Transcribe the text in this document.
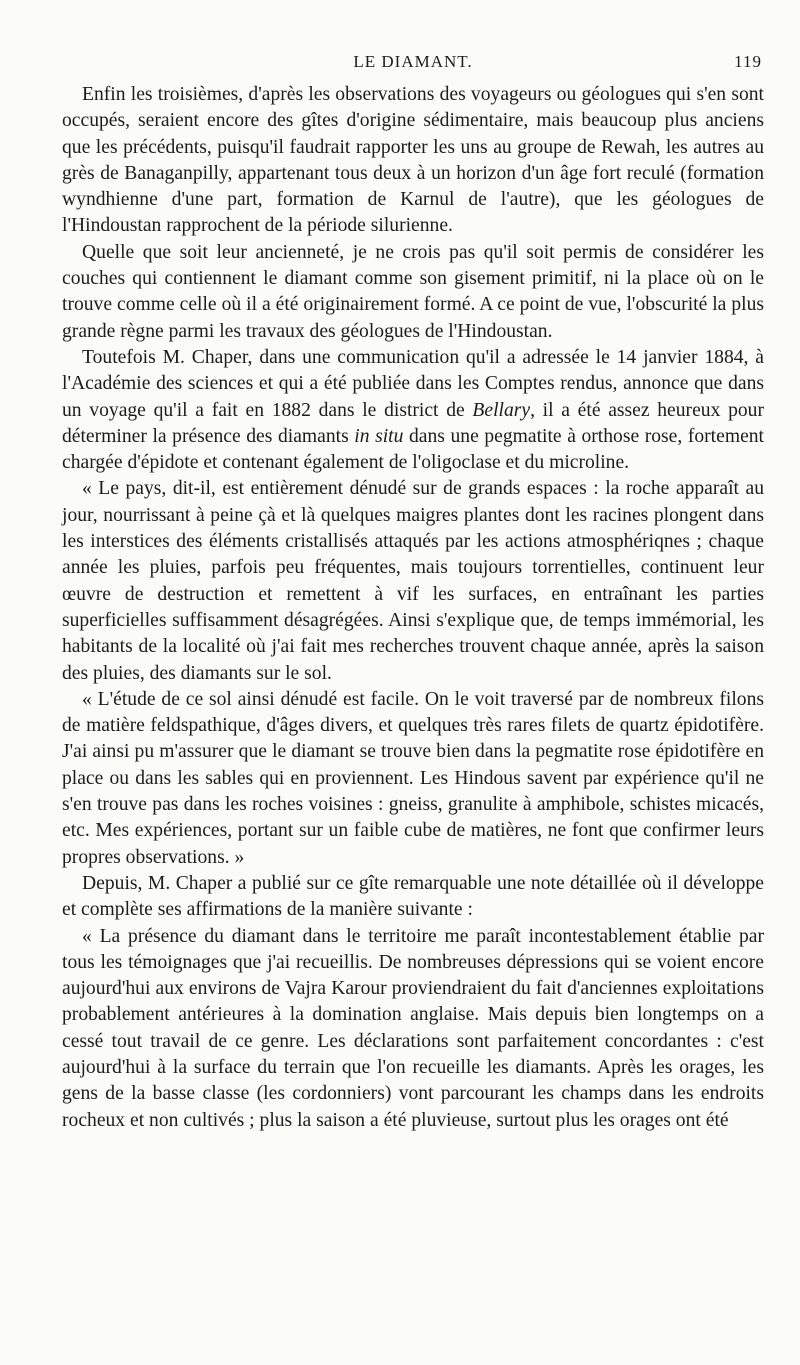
LE DIAMANT.	119

Enfin les troisièmes, d'après les observations des voyageurs ou géologues qui s'en sont occupés, seraient encore des gîtes d'origine sédimentaire, mais beaucoup plus anciens que les précédents, puisqu'il faudrait rapporter les uns au groupe de Rewah, les autres au grès de Banaganpilly, appartenant tous deux à un horizon d'un âge fort reculé (formation wyndhienne d'une part, formation de Karnul de l'autre), que les géologues de l'Hindoustan rapprochent de la période silurienne.

Quelle que soit leur ancienneté, je ne crois pas qu'il soit permis de considérer les couches qui contiennent le diamant comme son gisement primitif, ni la place où on le trouve comme celle où il a été originairement formé. A ce point de vue, l'obscurité la plus grande règne parmi les travaux des géologues de l'Hindoustan.

Toutefois M. Chaper, dans une communication qu'il a adressée le 14 janvier 1884, à l'Académie des sciences et qui a été publiée dans les Comptes rendus, annonce que dans un voyage qu'il a fait en 1882 dans le district de Bellary, il a été assez heureux pour déterminer la présence des diamants in situ dans une pegmatite à orthose rose, fortement chargée d'épidote et contenant également de l'oligoclase et du microline.

« Le pays, dit-il, est entièrement dénudé sur de grands espaces : la roche apparaît au jour, nourrissant à peine çà et là quelques maigres plantes dont les racines plongent dans les interstices des éléments cristallisés attaqués par les actions atmosphériqnes ; chaque année les pluies, parfois peu fréquentes, mais toujours torrentielles, continuent leur œuvre de destruction et remettent à vif les surfaces, en entraînant les parties superficielles suffisamment désagrégées. Ainsi s'explique que, de temps immémorial, les habitants de la localité où j'ai fait mes recherches trouvent chaque année, après la saison des pluies, des diamants sur le sol.

« L'étude de ce sol ainsi dénudé est facile. On le voit traversé par de nombreux filons de matière feldspathique, d'âges divers, et quelques très rares filets de quartz épidotifère. J'ai ainsi pu m'assurer que le diamant se trouve bien dans la pegmatite rose épidotifère en place ou dans les sables qui en proviennent. Les Hindous savent par expérience qu'il ne s'en trouve pas dans les roches voisines : gneiss, granulite à amphibole, schistes micacés, etc. Mes expériences, portant sur un faible cube de matières, ne font que confirmer leurs propres observations. »

Depuis, M. Chaper a publié sur ce gîte remarquable une note détaillée où il développe et complète ses affirmations de la manière suivante :

« La présence du diamant dans le territoire me paraît incontestablement établie par tous les témoignages que j'ai recueillis. De nombreuses dépressions qui se voient encore aujourd'hui aux environs de Vajra Karour proviendraient du fait d'anciennes exploitations probablement antérieures à la domination anglaise. Mais depuis bien longtemps on a cessé tout travail de ce genre. Les déclarations sont parfaitement concordantes : c'est aujourd'hui à la surface du terrain que l'on recueille les diamants. Après les orages, les gens de la basse classe (les cordonniers) vont parcourant les champs dans les endroits rocheux et non cultivés ; plus la saison a été pluvieuse, surtout plus les orages ont été
